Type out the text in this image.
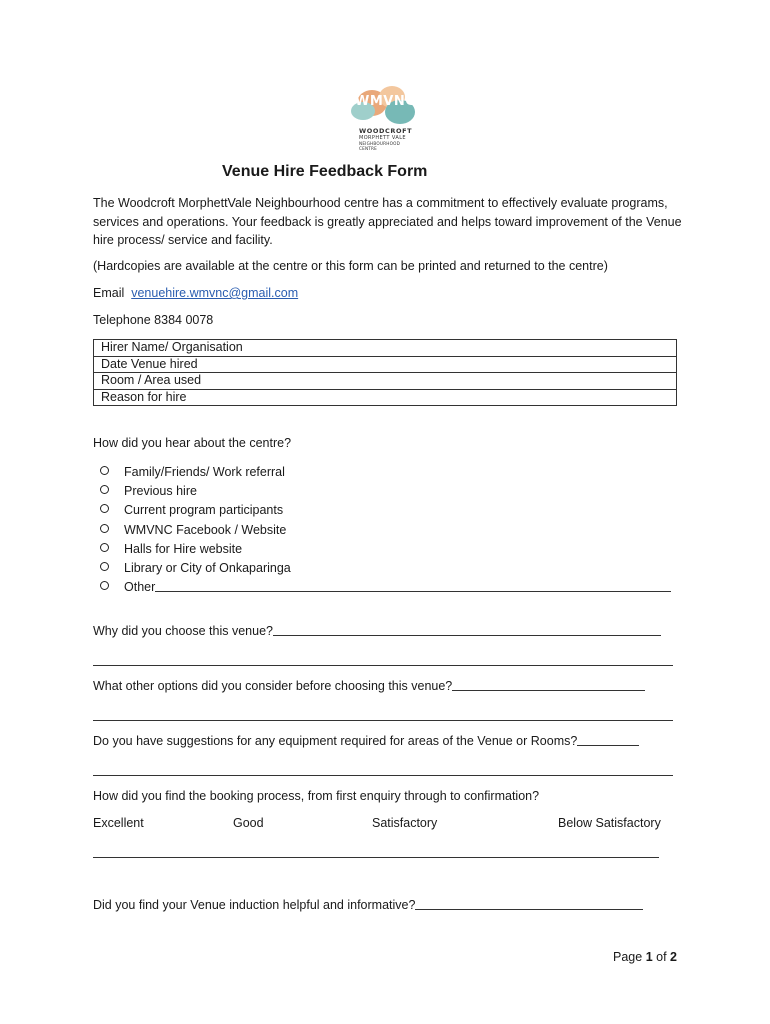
WMVNC
WOODCROFT
MORPHETT VALE
NEIGHBOURHOOD CENTRE
Venue Hire Feedback Form
The Woodcroft MorphettVale Neighbourhood centre has a commitment to effectively evaluate programs, services and operations. Your feedback is greatly appreciated and helps toward improvement of the Venue hire process/ service and facility.
(Hardcopies are available at the centre or this form can be printed and returned to the centre)
Email venuehire.wmvnc@gmail.com
Telephone 8384 0078
Hirer Name/ Organisation
Date Venue hired
Room / Area used
Reason for hire
How did you hear about the centre?
Family/Friends/ Work referral
Previous hire
Current program participants
WMVNC Facebook / Website
Halls for Hire website
Library or City of Onkaparinga
Other
Why did you choose this venue?
What other options did you consider before choosing this venue?
Do you have suggestions for any equipment required for areas of the Venue or Rooms?
How did you find the booking process, from first enquiry through to confirmation?
Excellent	Good	Satisfactory	Below Satisfactory
Did you find your Venue induction helpful and informative?
Page 1 of 2
